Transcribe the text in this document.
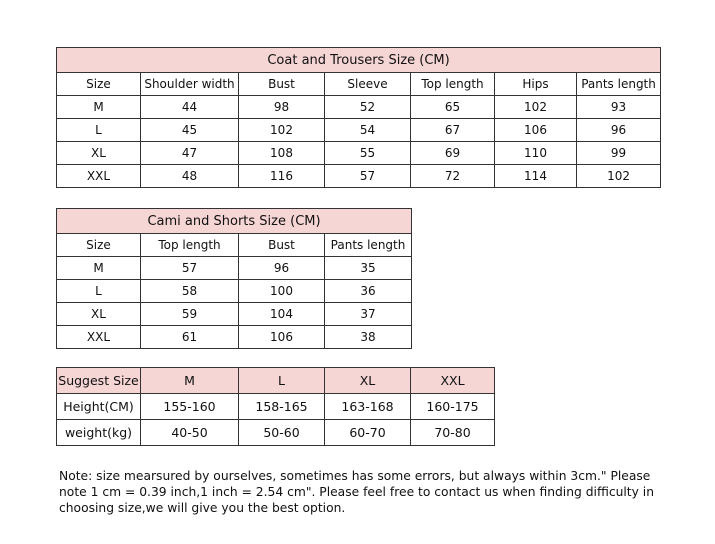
Coat and Trousers Size (CM)						
Size	Shoulder width	Bust	Sleeve	Top length	Hips	Pants length
M	44	98	52	65	102	93
L	45	102	54	67	106	96
XL	47	108	55	69	110	99
XXL	48	116	57	72	114	102
Cami and Shorts Size (CM)			
Size	Top length	Bust	Pants length
M	57	96	35
L	58	100	36
XL	59	104	37
XXL	61	106	38
Suggest Size	M	L	XL	XXL
Height(CM)	155-160	158-165	163-168	160-175
weight(kg)	40-50	50-60	60-70	70-80

Note: size mearsured by ourselves, sometimes has some errors, but always within 3cm." Please note 1 cm = 0.39 inch,1 inch = 2.54 cm". Please feel free to contact us when finding difficulty in choosing size,we will give you the best option.
